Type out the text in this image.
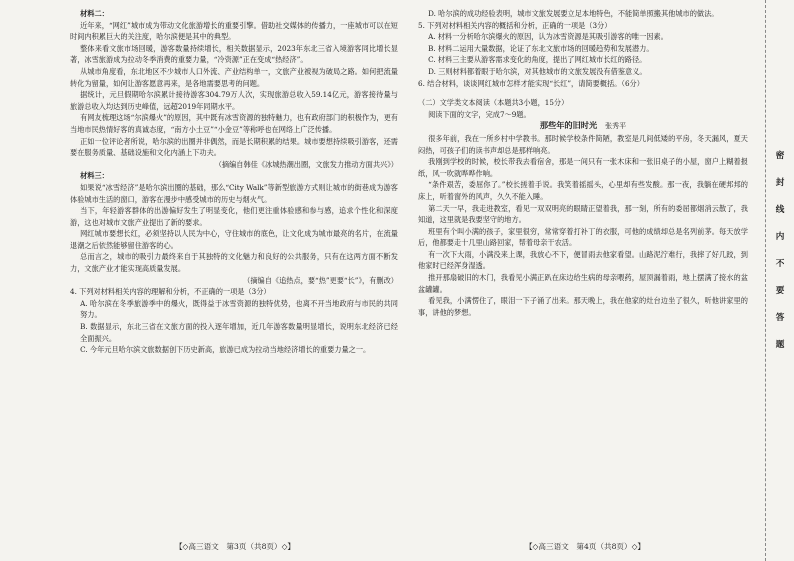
材料二：

近年来，“网红”城市成为带动文化旅游增长的重要引擎。借助社交媒体的传播力，一座城市可以在短时间内积累巨大的关注度，哈尔滨便是其中的典型。

整体来看文旅市场回暖，游客数量持续增长，相关数据显示，2023年东北三省入境游客同比增长显著，冰雪旅游成为拉动冬季消费的重要力量，“冷资源”正在变成“热经济”。

从城市角度看，东北地区不少城市人口外流、产业结构单一，文旅产业被视为破局之路。如何把流量转化为留量，如何让游客愿意再来，是各地需要思考的问题。

据统计，元旦假期哈尔滨累计接待游客304.79万人次，实现旅游总收入59.14亿元，游客接待量与旅游总收入均达到历史峰值，远超2019年同期水平。

有网友梳理这场“尔滨爆火”的原因，其中既有冰雪资源的独特魅力，也有政府部门的积极作为，更有当地市民热情好客的真诚态度，“南方小土豆”“小金豆”等称呼也在网络上广泛传播。

正如一位评论者所说，哈尔滨的出圈并非偶然，而是长期积累的结果。城市要想持续吸引游客，还需要在服务质量、基础设施和文化内涵上下功夫。

（摘编自韩佳《冰城热潮出圈，文旅发力推动方面共兴》）

材料三：

如果说“冰雪经济”是哈尔滨出圈的基础，那么“City Walk”等新型旅游方式则让城市的街巷成为游客体验城市生活的窗口，游客在漫步中感受城市的历史与烟火气。

当下，年轻游客群体的出游偏好发生了明显变化，他们更注重体验感和参与感，追求个性化和深度游，这也对城市文旅产业提出了新的要求。

网红城市要想长红，必须坚持以人民为中心，守住城市的底色，让文化成为城市最亮的名片，在流量退潮之后依然能够留住游客的心。

总而言之，城市的吸引力最终来自于其独特的文化魅力和良好的公共服务，只有在这两方面不断发力，文旅产业才能实现高质量发展。

（摘编自《追热点，要“热”更要“长”》，有删改）

4. 下列对材料相关内容的理解和分析，不正确的一项是（3分）

A. 哈尔滨在冬季旅游季中的爆火，既得益于冰雪资源的独特优势，也离不开当地政府与市民的共同努力。

B. 数据显示，东北三省在文旅方面的投入逐年增加，近几年游客数量明显增长，说明东北经济已经全面振兴。

C. 今年元旦哈尔滨文旅数据创下历史新高，旅游已成为拉动当地经济增长的重要力量之一。

D. 哈尔滨的成功经验表明，城市文旅发展要立足本地特色，不能简单照搬其他城市的做法。

5. 下列对材料相关内容的概括和分析，正确的一项是（3分）

A. 材料一分析哈尔滨爆火的原因，认为冰雪资源是其吸引游客的唯一因素。

B. 材料二运用大量数据，论证了东北文旅市场的回暖趋势和发展潜力。

C. 材料三主要从游客需求变化的角度，提出了网红城市长红的路径。

D. 三则材料都着眼于哈尔滨，对其他城市的文旅发展没有借鉴意义。

6. 结合材料，谈谈网红城市怎样才能实现“长红”，请简要概括。（6分）

（二）文学类文本阅读（本题共3小题，15分）

阅读下面的文字，完成7～9题。

那些年的旧时光 张秀平

很多年前，我在一所乡村中学教书。那时候学校条件简陋，教室是几间低矮的平房，冬天漏风，夏天闷热，可孩子们的读书声却总是那样响亮。

我刚到学校的时候，校长带我去看宿舍，那是一间只有一张木床和一张旧桌子的小屋，窗户上糊着报纸，风一吹就哗哗作响。

“条件艰苦，委屈你了。”校长搓着手说。我笑着摇摇头，心里却有些发酸。那一夜，我躺在硬邦邦的床上，听着窗外的风声，久久不能入睡。

第二天一早，我走进教室，看见一双双明亮的眼睛正望着我，那一刻，所有的委屈都烟消云散了，我知道，这里就是我要坚守的地方。

班里有个叫小满的孩子，家里很穷，常常穿着打补丁的衣服，可他的成绩却总是名列前茅。每天放学后，他都要走十几里山路回家，帮着母亲干农活。

有一次下大雨，小满没来上课，我放心不下，便冒雨去他家看望。山路泥泞难行，我摔了好几跤，到他家时已经浑身湿透。

推开那扇破旧的木门，我看见小满正趴在床边给生病的母亲喂药，屋顶漏着雨，地上摆满了接水的盆盆罐罐。

看见我，小满愣住了，眼泪一下子涌了出来。那天晚上，我在他家的灶台边坐了很久，听他讲家里的事，讲他的梦想。

【◇高三语文　第3页（共8页）◇】	【◇高三语文　第4页（共8页）◇】
密
封
线
内
不
要
答
题
